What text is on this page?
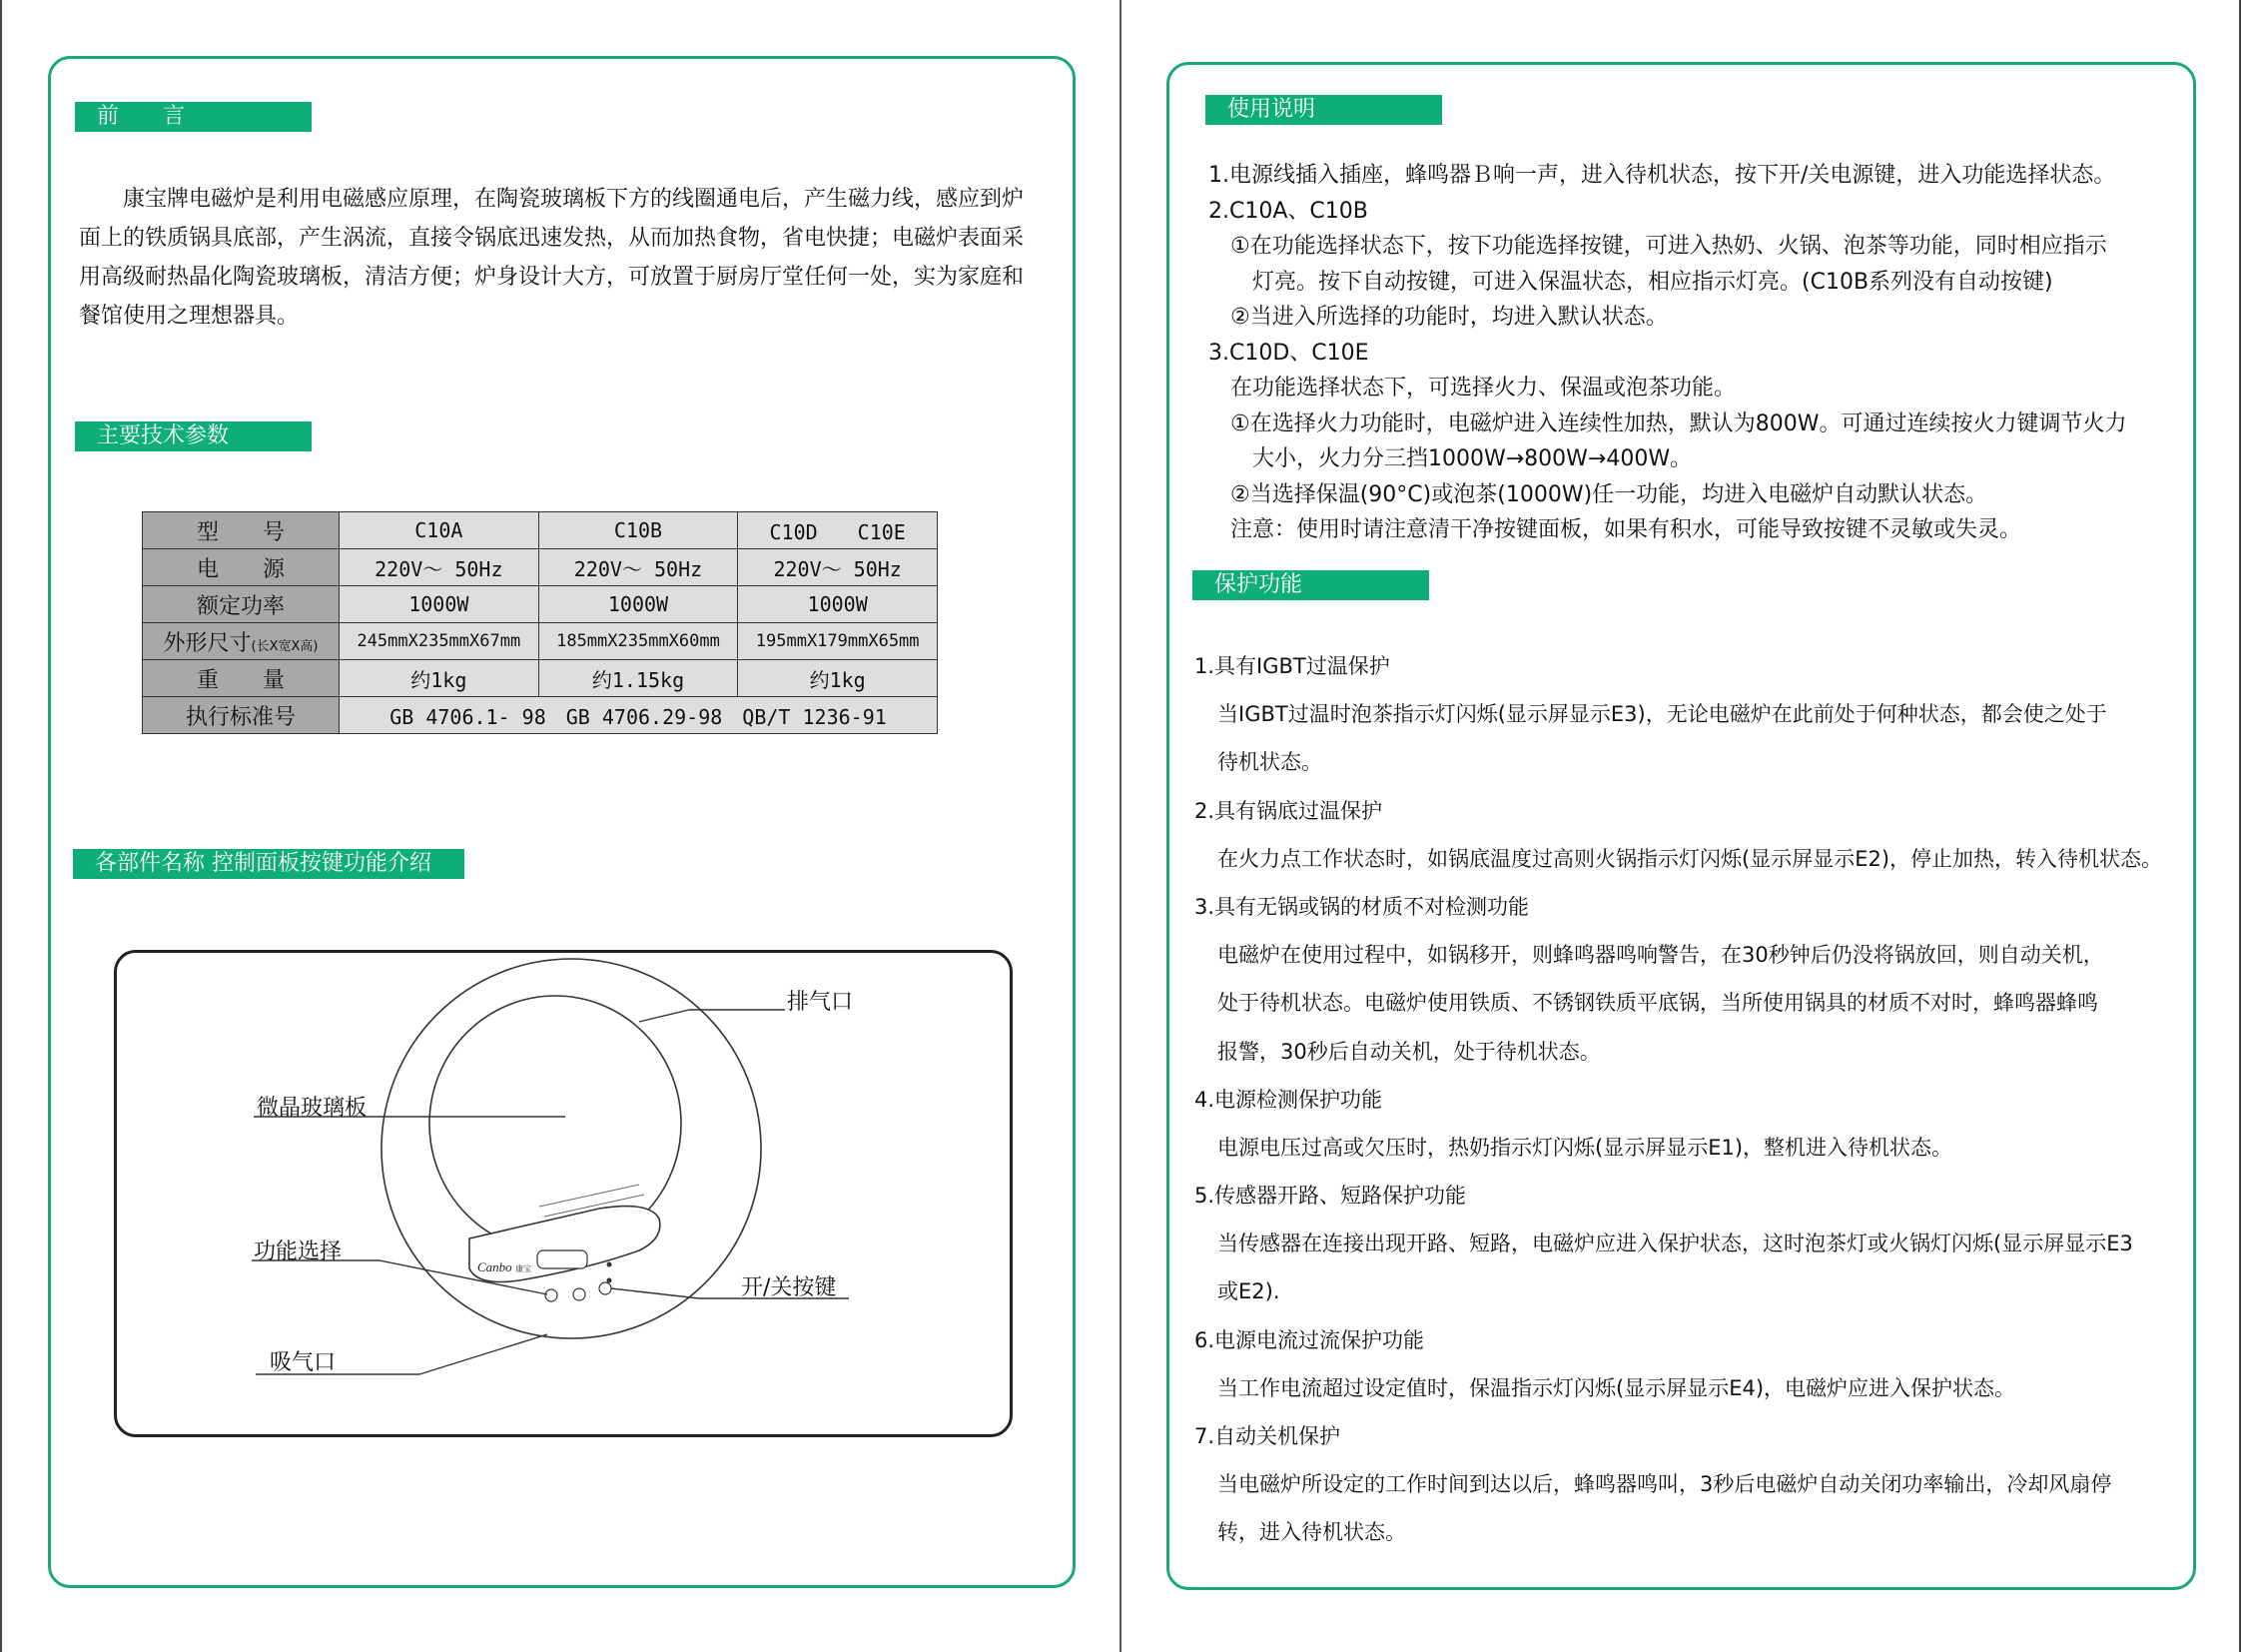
前　　言
康宝牌电磁炉是利用电磁感应原理，在陶瓷玻璃板下方的线圈通电后，产生磁力线，感应到炉
面上的铁质锅具底部，产生涡流，直接令锅底迅速发热，从而加热食物，省电快捷；电磁炉表面采
用高级耐热晶化陶瓷玻璃板，清洁方便；炉身设计大方，可放置于厨房厅堂任何一处，实为家庭和
餐馆使用之理想器具。
主要技术参数
型　　号	C10A	C10B	C10D　　C10E
电　　源	220V～ 50Hz	220V～ 50Hz	220V～ 50Hz
额定功率	1000W	1000W	1000W
外形尺寸(长X宽X高)	245mmX235mmX67mm	185mmX235mmX60mm	195mmX179mmX65mm
重　　量	约1kg	约1.15kg	约1kg
执行标准号	GB 4706.1- 98　GB 4706.29-98　QB/T 1236-91		
各部件名称 控制面板按键功能介绍
Canbo 康宝
排气口
微晶玻璃板
功能选择
开/关按键
吸气口
使用说明
1.电源线插入插座，蜂鸣器Ｂ响一声，进入待机状态，按下开/关电源键，进入功能选择状态。
2.C10A、C10B
　①在功能选择状态下，按下功能选择按键，可进入热奶、火锅、泡茶等功能，同时相应指示
　　灯亮。按下自动按键，可进入保温状态，相应指示灯亮。(C10B系列没有自动按键)
　②当进入所选择的功能时，均进入默认状态。
3.C10D、C10E
　在功能选择状态下，可选择火力、保温或泡茶功能。
　①在选择火力功能时，电磁炉进入连续性加热，默认为800W。可通过连续按火力键调节火力
　　大小，火力分三挡1000W→800W→400W。
　②当选择保温(90°C)或泡茶(1000W)任一功能，均进入电磁炉自动默认状态。
　注意：使用时请注意清干净按键面板，如果有积水，可能导致按键不灵敏或失灵。
保护功能
1.具有IGBT过温保护
当IGBT过温时泡茶指示灯闪烁(显示屏显示E3)，无论电磁炉在此前处于何种状态，都会使之处于
待机状态。
2.具有锅底过温保护
在火力点工作状态时，如锅底温度过高则火锅指示灯闪烁(显示屏显示E2)，停止加热，转入待机状态。
3.具有无锅或锅的材质不对检测功能
电磁炉在使用过程中，如锅移开，则蜂鸣器鸣响警告，在30秒钟后仍没将锅放回，则自动关机，
处于待机状态。电磁炉使用铁质、不锈钢铁质平底锅，当所使用锅具的材质不对时，蜂鸣器蜂鸣
报警，30秒后自动关机，处于待机状态。
4.电源检测保护功能
电源电压过高或欠压时，热奶指示灯闪烁(显示屏显示E1)，整机进入待机状态。
5.传感器开路、短路保护功能
当传感器在连接出现开路、短路，电磁炉应进入保护状态，这时泡茶灯或火锅灯闪烁(显示屏显示E3
或E2).
6.电源电流过流保护功能
当工作电流超过设定值时，保温指示灯闪烁(显示屏显示E4)，电磁炉应进入保护状态。
7.自动关机保护
当电磁炉所设定的工作时间到达以后，蜂鸣器鸣叫，3秒后电磁炉自动关闭功率输出，冷却风扇停
转，进入待机状态。
